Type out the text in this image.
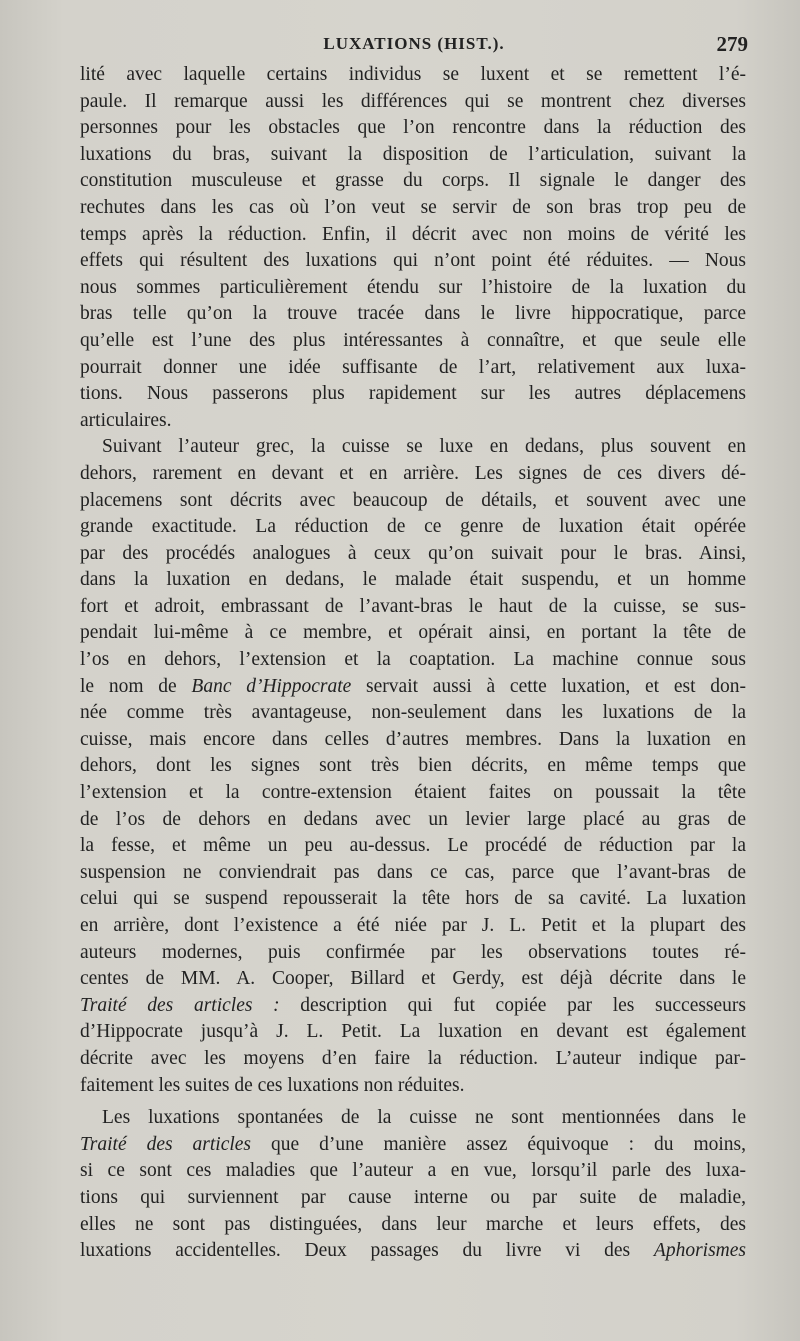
LUXATIONS (HIST.).	279
lité avec laquelle certains individus se luxent et se remettent l’é-
paule. Il remarque aussi les différences qui se montrent chez diverses
personnes pour les obstacles que l’on rencontre dans la réduction des
luxations du bras, suivant la disposition de l’articulation, suivant la
constitution musculeuse et grasse du corps. Il signale le danger des
rechutes dans les cas où l’on veut se servir de son bras trop peu de
temps après la réduction. Enfin, il décrit avec non moins de vérité les
effets qui résultent des luxations qui n’ont point été réduites. — Nous
nous sommes particulièrement étendu sur l’histoire de la luxation du
bras telle qu’on la trouve tracée dans le livre hippocratique, parce
qu’elle est l’une des plus intéressantes à connaître, et que seule elle
pourrait donner une idée suffisante de l’art, relativement aux luxa-
tions. Nous passerons plus rapidement sur les autres déplacemens
articulaires.
Suivant l’auteur grec, la cuisse se luxe en dedans, plus souvent en
dehors, rarement en devant et en arrière. Les signes de ces divers dé-
placemens sont décrits avec beaucoup de détails, et souvent avec une
grande exactitude. La réduction de ce genre de luxation était opérée
par des procédés analogues à ceux qu’on suivait pour le bras. Ainsi,
dans la luxation en dedans, le malade était suspendu, et un homme
fort et adroit, embrassant de l’avant-bras le haut de la cuisse, se sus-
pendait lui-même à ce membre, et opérait ainsi, en portant la tête de
l’os en dehors, l’extension et la coaptation. La machine connue sous
le nom de Banc d’Hippocrate servait aussi à cette luxation, et est don-
née comme très avantageuse, non-seulement dans les luxations de la
cuisse, mais encore dans celles d’autres membres. Dans la luxation en
dehors, dont les signes sont très bien décrits, en même temps que
l’extension et la contre-extension étaient faites on poussait la tête
de l’os de dehors en dedans avec un levier large placé au gras de
la fesse, et même un peu au-dessus. Le procédé de réduction par la
suspension ne conviendrait pas dans ce cas, parce que l’avant-bras de
celui qui se suspend repousserait la tête hors de sa cavité. La luxation
en arrière, dont l’existence a été niée par J. L. Petit et la plupart des
auteurs modernes, puis confirmée par les observations toutes ré-
centes de MM. A. Cooper, Billard et Gerdy, est déjà décrite dans le
Traité des articles : description qui fut copiée par les successeurs
d’Hippocrate jusqu’à J. L. Petit. La luxation en devant est également
décrite avec les moyens d’en faire la réduction. L’auteur indique par-
faitement les suites de ces luxations non réduites.
Les luxations spontanées de la cuisse ne sont mentionnées dans le
Traité des articles que d’une manière assez équivoque : du moins,
si ce sont ces maladies que l’auteur a en vue, lorsqu’il parle des luxa-
tions qui surviennent par cause interne ou par suite de maladie,
elles ne sont pas distinguées, dans leur marche et leurs effets, des
luxations accidentelles. Deux passages du livre vi des Aphorismes
